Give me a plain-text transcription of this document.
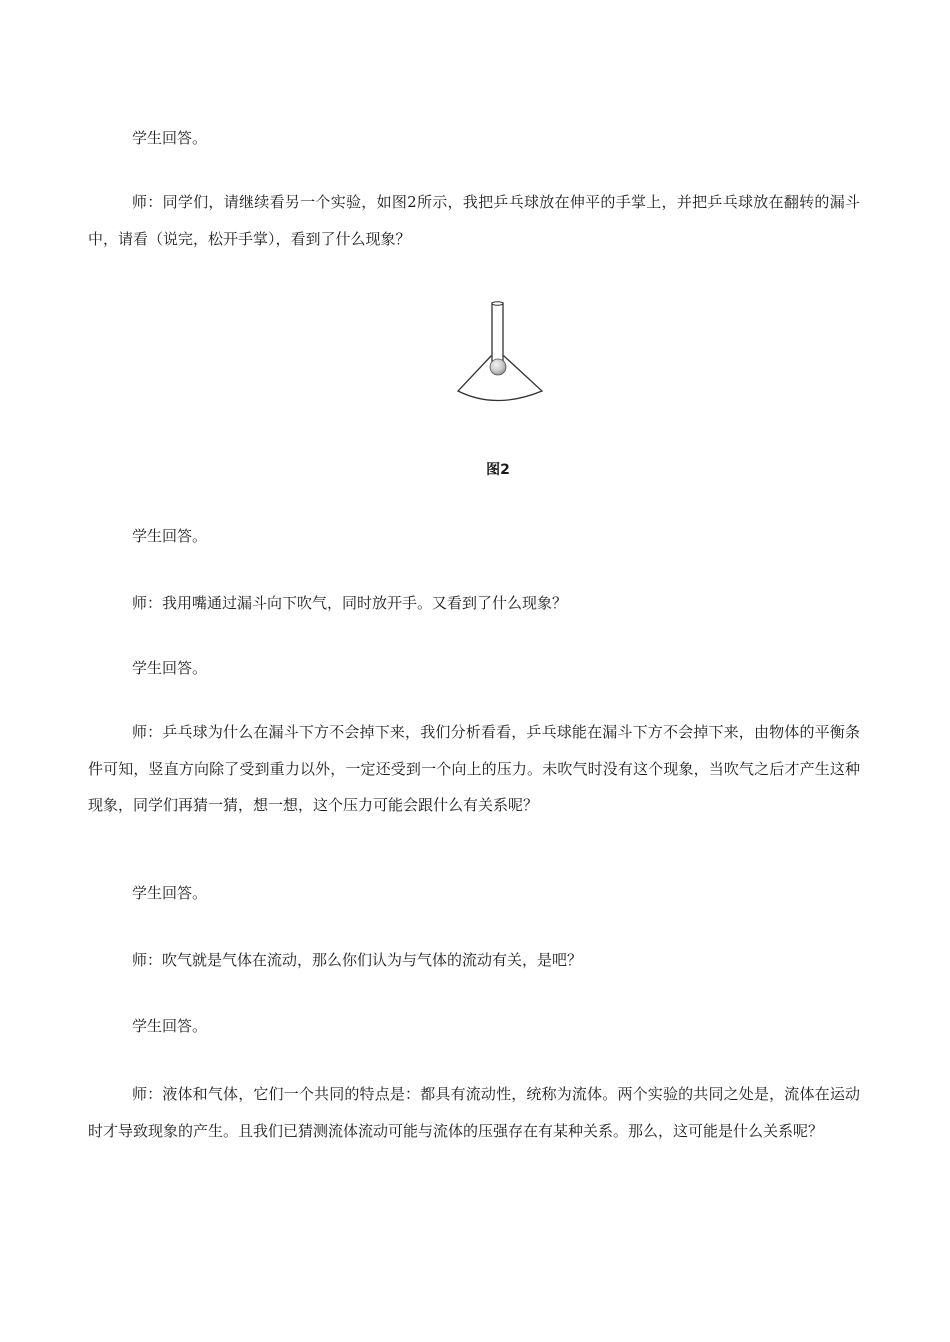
学生回答。

师：同学们，请继续看另一个实验，如图2所示，我把乒乓球放在伸平的手掌上，并把乒乓球放在翻转的漏斗中，请看（说完，松开手掌），看到了什么现象？

图2

学生回答。

师：我用嘴通过漏斗向下吹气，同时放开手。又看到了什么现象？

学生回答。

师：乒乓球为什么在漏斗下方不会掉下来，我们分析看看，乒乓球能在漏斗下方不会掉下来，由物体的平衡条件可知，竖直方向除了受到重力以外，一定还受到一个向上的压力。未吹气时没有这个现象，当吹气之后才产生这种现象，同学们再猜一猜，想一想，这个压力可能会跟什么有关系呢？

学生回答。

师：吹气就是气体在流动，那么你们认为与气体的流动有关，是吧？

学生回答。

师：液体和气体，它们一个共同的特点是：都具有流动性，统称为流体。两个实验的共同之处是，流体在运动时才导致现象的产生。且我们已猜测流体流动可能与流体的压强存在有某种关系。那么，这可能是什么关系呢？
